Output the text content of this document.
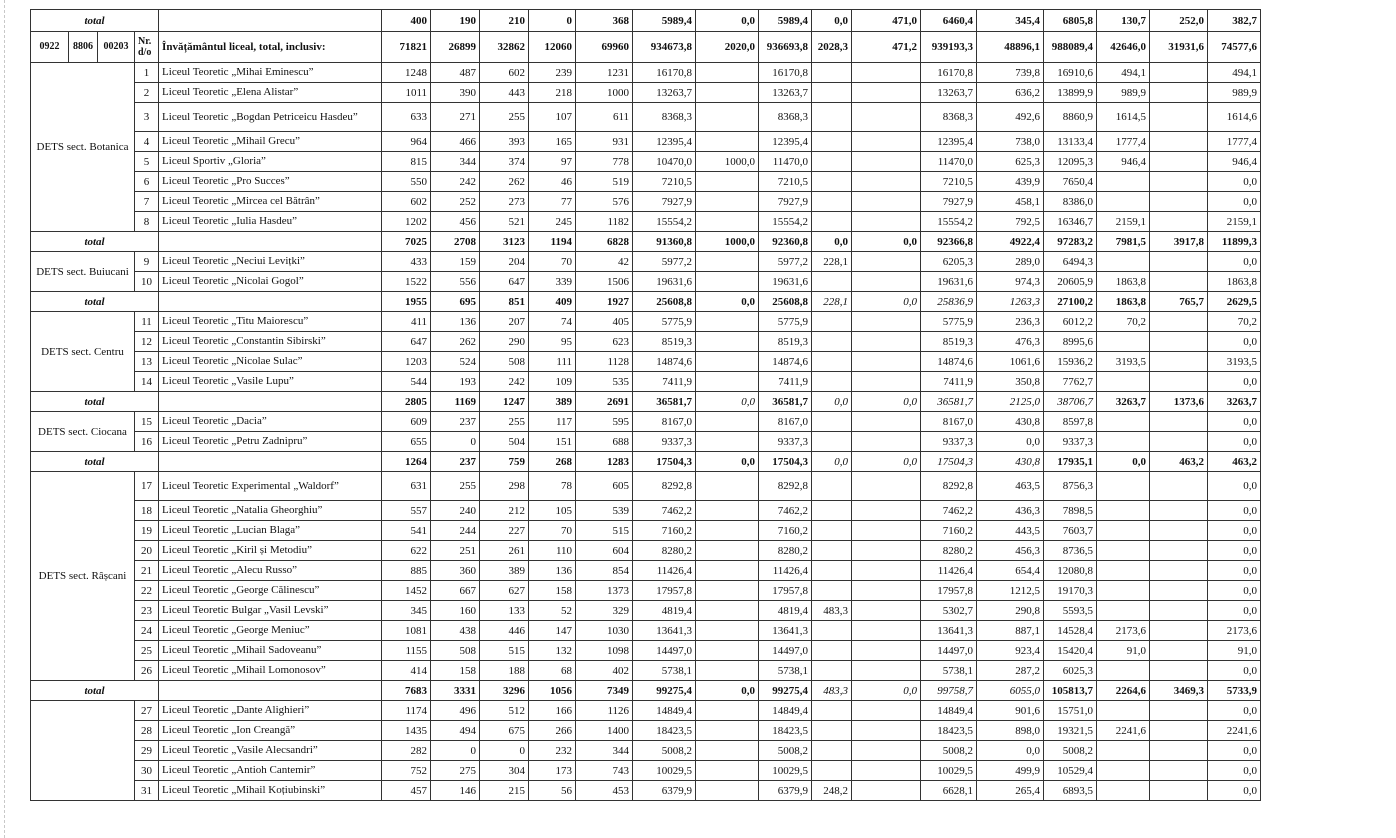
total					400	190	210	0	368	5989,4	0,0	5989,4	0,0	471,0	6460,4	345,4	6805,8	130,7	252,0	382,7		
0922	8806	00203	Nr. d/o	Învățământul liceal, total, inclusiv:	71821	26899	32862	12060	69960	934673,8	2020,0	936693,8	2028,3	471,2	939193,3	48896,1	988089,4	42646,0	31931,6	74577,6		
DETS sect. Botanica			1	Liceul Teoretic „Mihai Eminescu”	1248	487	602	239	1231	16170,8		16170,8			16170,8	739,8	16910,6	494,1		494,1		
			2	Liceul Teoretic „Elena Alistar”	1011	390	443	218	1000	13263,7		13263,7			13263,7	636,2	13899,9	989,9		989,9		
			3	Liceul Teoretic „Bogdan Petriceicu Hasdeu”	633	271	255	107	611	8368,3		8368,3			8368,3	492,6	8860,9	1614,5		1614,6		
			4	Liceul Teoretic „Mihail Grecu”	964	466	393	165	931	12395,4		12395,4			12395,4	738,0	13133,4	1777,4		1777,4		
			5	Liceul Sportiv „Gloria”	815	344	374	97	778	10470,0	1000,0	11470,0			11470,0	625,3	12095,3	946,4		946,4		
			6	Liceul Teoretic „Pro Succes”	550	242	262	46	519	7210,5		7210,5			7210,5	439,9	7650,4			0,0		
			7	Liceul Teoretic „Mircea cel Bătrân”	602	252	273	77	576	7927,9		7927,9			7927,9	458,1	8386,0			0,0		
			8	Liceul Teoretic „Iulia Hasdeu”	1202	456	521	245	1182	15554,2		15554,2			15554,2	792,5	16346,7	2159,1		2159,1		
total					7025	2708	3123	1194	6828	91360,8	1000,0	92360,8	0,0	0,0	92366,8	4922,4	97283,2	7981,5	3917,8	11899,3		
DETS sect. Buiucani			9	Liceul Teoretic „Neciui Levițki”	433	159	204	70	42	5977,2		5977,2	228,1		6205,3	289,0	6494,3			0,0		
			10	Liceul Teoretic „Nicolai Gogol”	1522	556	647	339	1506	19631,6		19631,6			19631,6	974,3	20605,9	1863,8		1863,8		
total					1955	695	851	409	1927	25608,8	0,0	25608,8	228,1	0,0	25836,9	1263,3	27100,2	1863,8	765,7	2629,5		
DETS sect. Centru			11	Liceul Teoretic „Titu Maiorescu”	411	136	207	74	405	5775,9		5775,9			5775,9	236,3	6012,2	70,2		70,2		
			12	Liceul Teoretic „Constantin Sibirski”	647	262	290	95	623	8519,3		8519,3			8519,3	476,3	8995,6			0,0		
			13	Liceul Teoretic „Nicolae Sulac”	1203	524	508	111	1128	14874,6		14874,6			14874,6	1061,6	15936,2	3193,5		3193,5		
			14	Liceul Teoretic „Vasile Lupu”	544	193	242	109	535	7411,9		7411,9			7411,9	350,8	7762,7			0,0		
total					2805	1169	1247	389	2691	36581,7	0,0	36581,7	0,0	0,0	36581,7	2125,0	38706,7	3263,7	1373,6	3263,7		
DETS sect. Ciocana			15	Liceul Teoretic „Dacia”	609	237	255	117	595	8167,0		8167,0			8167,0	430,8	8597,8			0,0		
			16	Liceul Teoretic „Petru Zadnipru”	655	0	504	151	688	9337,3		9337,3			9337,3	0,0	9337,3			0,0		
total					1264	237	759	268	1283	17504,3	0,0	17504,3	0,0	0,0	17504,3	430,8	17935,1	0,0	463,2	463,2		
DETS sect. Râșcani			17	Liceul Teoretic Experimental „Waldorf”	631	255	298	78	605	8292,8		8292,8			8292,8	463,5	8756,3			0,0		
			18	Liceul Teoretic „Natalia Gheorghiu”	557	240	212	105	539	7462,2		7462,2			7462,2	436,3	7898,5			0,0		
			19	Liceul Teoretic „Lucian Blaga”	541	244	227	70	515	7160,2		7160,2			7160,2	443,5	7603,7			0,0		
			20	Liceul Teoretic „Kiril și Metodiu”	622	251	261	110	604	8280,2		8280,2			8280,2	456,3	8736,5			0,0		
			21	Liceul Teoretic „Alecu Russo”	885	360	389	136	854	11426,4		11426,4			11426,4	654,4	12080,8			0,0		
			22	Liceul Teoretic „George Călinescu”	1452	667	627	158	1373	17957,8		17957,8			17957,8	1212,5	19170,3			0,0		
			23	Liceul Teoretic Bulgar „Vasil Levski”	345	160	133	52	329	4819,4		4819,4	483,3		5302,7	290,8	5593,5			0,0		
			24	Liceul Teoretic „George Meniuc”	1081	438	446	147	1030	13641,3		13641,3			13641,3	887,1	14528,4	2173,6		2173,6		
			25	Liceul Teoretic „Mihail Sadoveanu”	1155	508	515	132	1098	14497,0		14497,0			14497,0	923,4	15420,4	91,0		91,0		
			26	Liceul Teoretic „Mihail Lomonosov”	414	158	188	68	402	5738,1		5738,1			5738,1	287,2	6025,3			0,0		
total					7683	3331	3296	1056	7349	99275,4	0,0	99275,4	483,3	0,0	99758,7	6055,0	105813,7	2264,6	3469,3	5733,9		
			27	Liceul Teoretic „Dante Alighieri”	1174	496	512	166	1126	14849,4		14849,4			14849,4	901,6	15751,0			0,0		
			28	Liceul Teoretic „Ion Creangă”	1435	494	675	266	1400	18423,5		18423,5			18423,5	898,0	19321,5	2241,6		2241,6		
			29	Liceul Teoretic „Vasile Alecsandri”	282	0	0	232	344	5008,2		5008,2			5008,2	0,0	5008,2			0,0		
			30	Liceul Teoretic „Antioh Cantemir”	752	275	304	173	743	10029,5		10029,5			10029,5	499,9	10529,4			0,0		
			31	Liceul Teoretic „Mihail Koțiubinski”	457	146	215	56	453	6379,9		6379,9	248,2		6628,1	265,4	6893,5			0,0		
